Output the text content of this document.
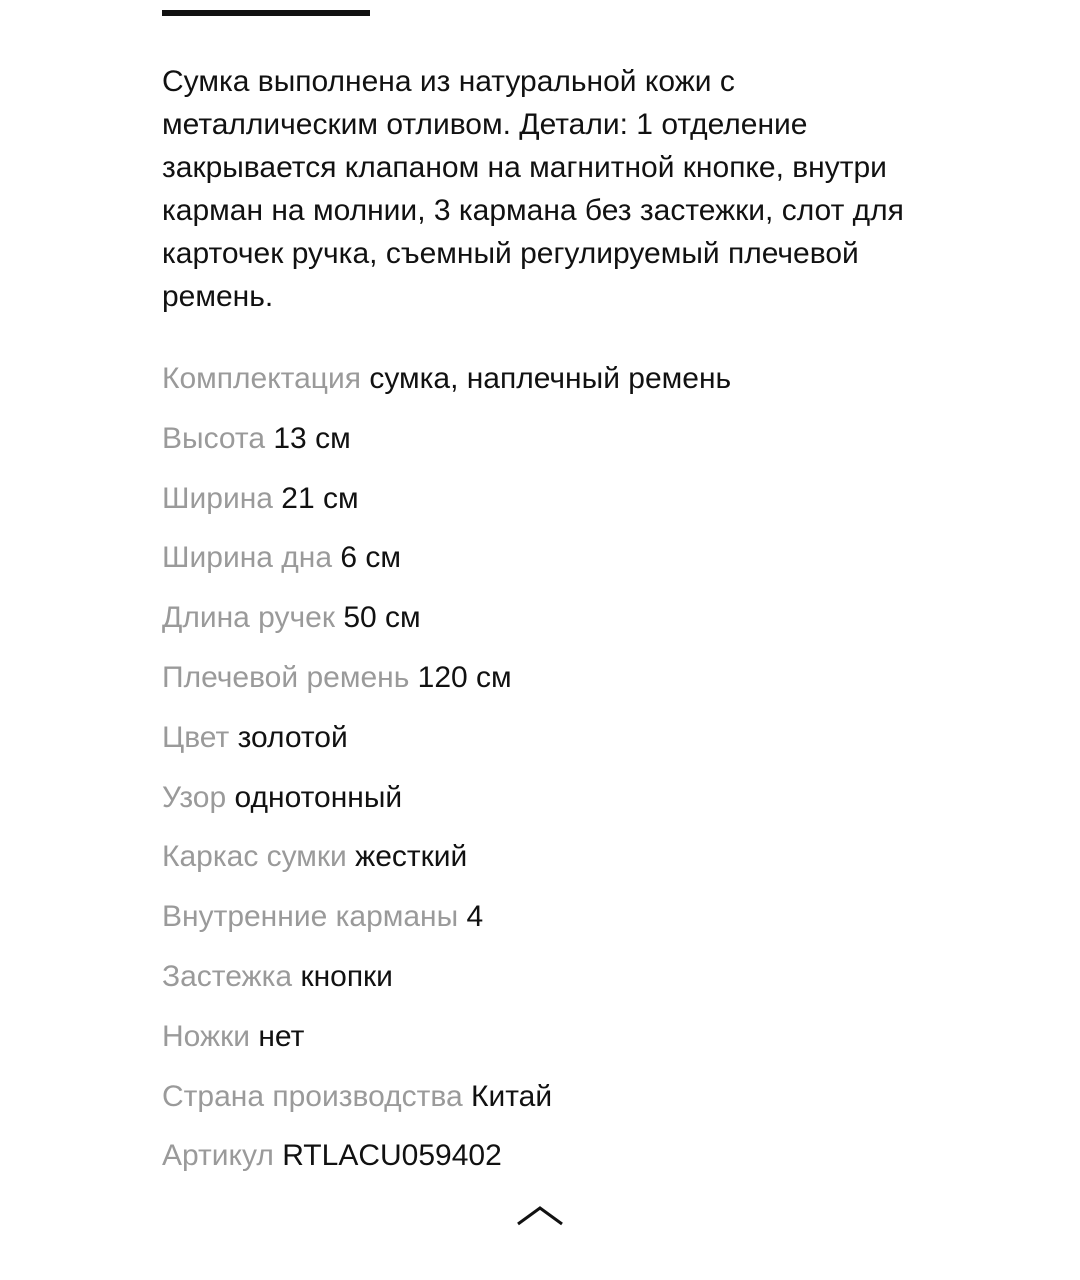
Сумка выполнена из натуральной кожи с металлическим отливом. Детали: 1 отделение закрывается клапаном на магнитной кнопке, внутри карман на молнии, 3 кармана без застежки, слот для карточек ручка, съемный регулируемый плечевой ремень.

Комплектация сумка, наплечный ремень
Высота 13 см
Ширина 21 см
Ширина дна 6 см
Длина ручек 50 см
Плечевой ремень 120 см
Цвет золотой
Узор однотонный
Каркас сумки жесткий
Внутренние карманы 4
Застежка кнопки
Ножки нет
Страна производства Китай
Артикул RTLACU059402
